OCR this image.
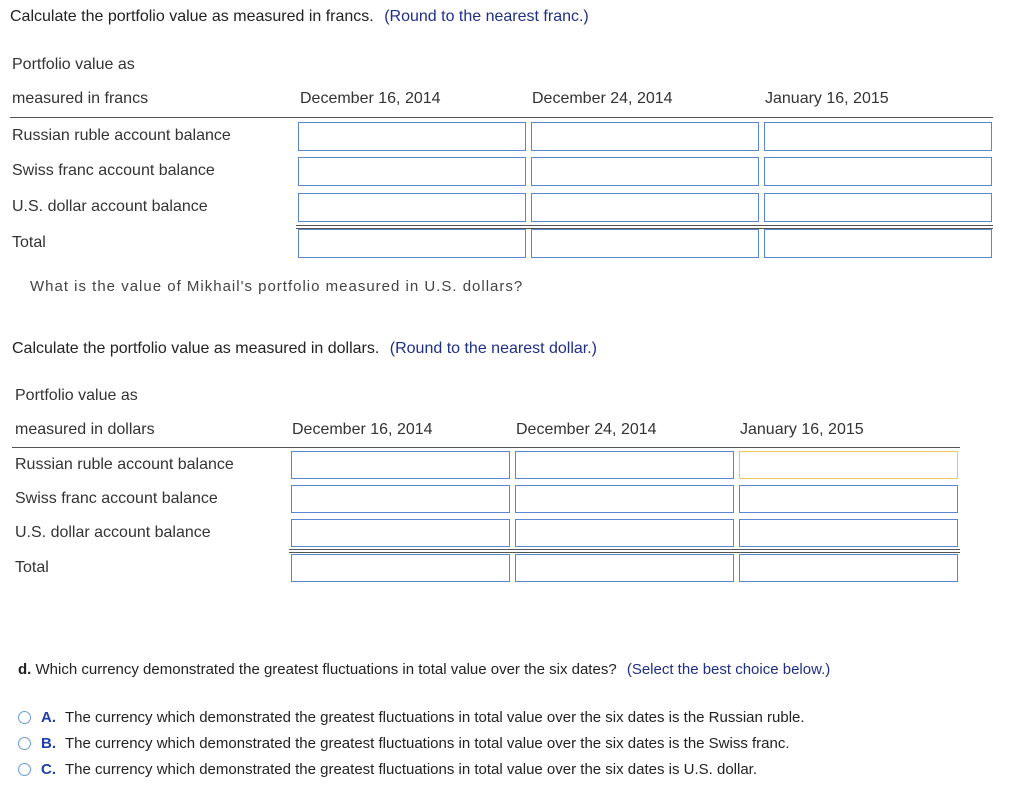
Calculate the portfolio value as measured in francs. (Round to the nearest franc.)
Portfolio value as
measured in francs	December 16, 2014	December 24, 2014	January 16, 2015
Russian ruble account balance
Swiss franc account balance
U.S. dollar account balance
Total
What is the value of Mikhail's portfolio measured in U.S. dollars?
Calculate the portfolio value as measured in dollars. (Round to the nearest dollar.)
Portfolio value as
measured in dollars	December 16, 2014	December 24, 2014	January 16, 2015
Russian ruble account balance
Swiss franc account balance
U.S. dollar account balance
Total
d. Which currency demonstrated the greatest fluctuations in total value over the six dates? (Select the best choice below.)
A. The currency which demonstrated the greatest fluctuations in total value over the six dates is the Russian ruble.
B. The currency which demonstrated the greatest fluctuations in total value over the six dates is the Swiss franc.
C. The currency which demonstrated the greatest fluctuations in total value over the six dates is U.S. dollar.
